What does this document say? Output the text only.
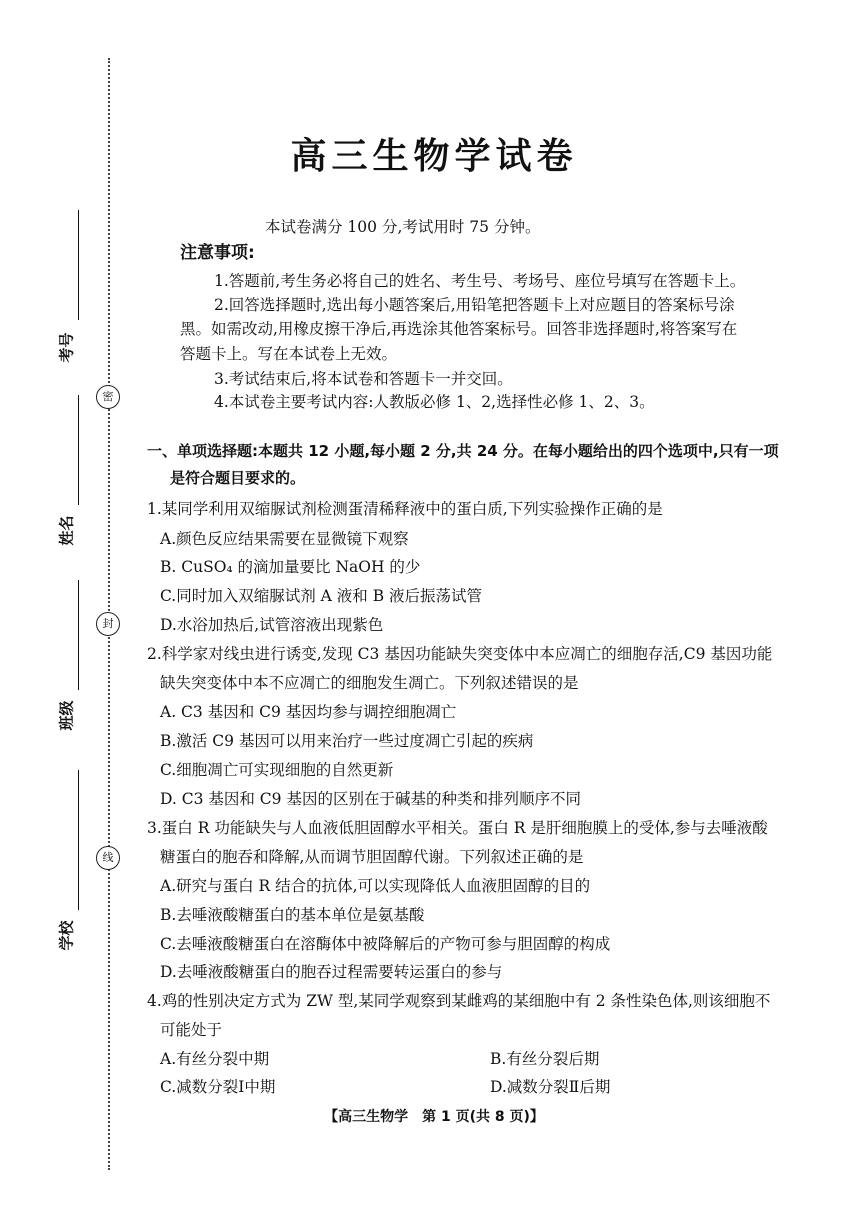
密
封
线
考号
姓名
班级
学校
高三生物学试卷
本试卷满分 100 分,考试用时 75 分钟。
注意事项:
1.答题前,考生务必将自己的姓名、考生号、考场号、座位号填写在答题卡上。
2.回答选择题时,选出每小题答案后,用铅笔把答题卡上对应题目的答案标号涂
黑。如需改动,用橡皮擦干净后,再选涂其他答案标号。回答非选择题时,将答案写在
答题卡上。写在本试卷上无效。
3.考试结束后,将本试卷和答题卡一并交回。
4.本试卷主要考试内容:人教版必修 1、2,选择性必修 1、2、3。
一、单项选择题:本题共 12 小题,每小题 2 分,共 24 分。在每小题给出的四个选项中,只有一项
是符合题目要求的。
1.某同学利用双缩脲试剂检测蛋清稀释液中的蛋白质,下列实验操作正确的是
A.颜色反应结果需要在显微镜下观察
B. CuSO₄ 的滴加量要比 NaOH 的少
C.同时加入双缩脲试剂 A 液和 B 液后振荡试管
D.水浴加热后,试管溶液出现紫色
2.科学家对线虫进行诱变,发现 C3 基因功能缺失突变体中本应凋亡的细胞存活,C9 基因功能
缺失突变体中本不应凋亡的细胞发生凋亡。下列叙述错误的是
A. C3 基因和 C9 基因均参与调控细胞凋亡
B.激活 C9 基因可以用来治疗一些过度凋亡引起的疾病
C.细胞凋亡可实现细胞的自然更新
D. C3 基因和 C9 基因的区别在于碱基的种类和排列顺序不同
3.蛋白 R 功能缺失与人血液低胆固醇水平相关。蛋白 R 是肝细胞膜上的受体,参与去唾液酸
糖蛋白的胞吞和降解,从而调节胆固醇代谢。下列叙述正确的是
A.研究与蛋白 R 结合的抗体,可以实现降低人血液胆固醇的目的
B.去唾液酸糖蛋白的基本单位是氨基酸
C.去唾液酸糖蛋白在溶酶体中被降解后的产物可参与胆固醇的构成
D.去唾液酸糖蛋白的胞吞过程需要转运蛋白的参与
4.鸡的性别决定方式为 ZW 型,某同学观察到某雌鸡的某细胞中有 2 条性染色体,则该细胞不
可能处于
A.有丝分裂中期	B.有丝分裂后期
C.减数分裂Ⅰ中期	D.减数分裂Ⅱ后期
【高三生物学　第 1 页(共 8 页)】
